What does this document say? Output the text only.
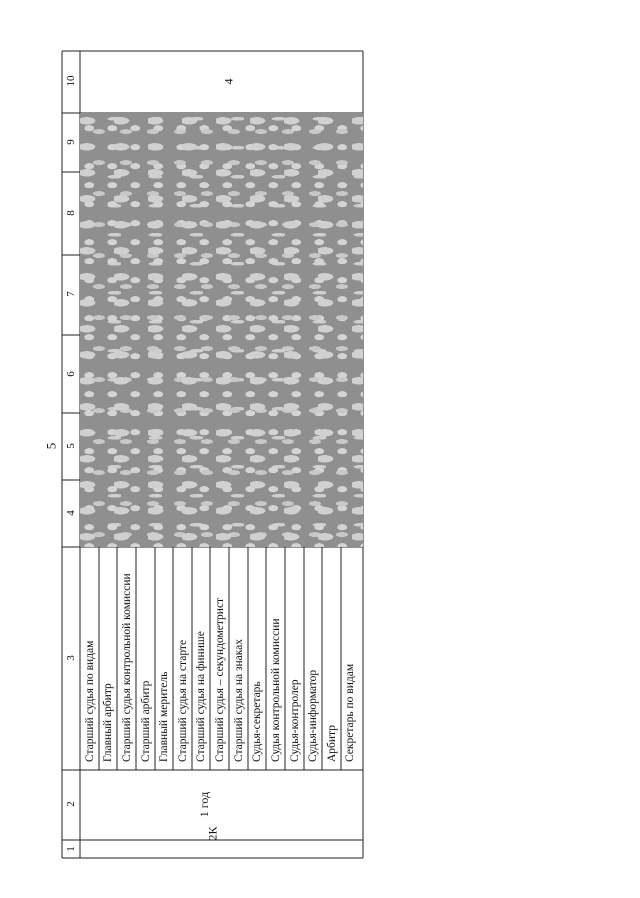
5
1
2
3
4
5
6
7
8
9
10
2К
1 год
Старший судья по видам Главный арбитр Старший судья контрольной комиссии Старший арбитр Главный меритель Старший судья на старте Старший судья на финише Старший судья – секундометрист Старший судья на знаках Судья-секретарь Судья контрольной комиссии Судья-контролер Судья-информатор Арбитр Секретарь по видам
4
